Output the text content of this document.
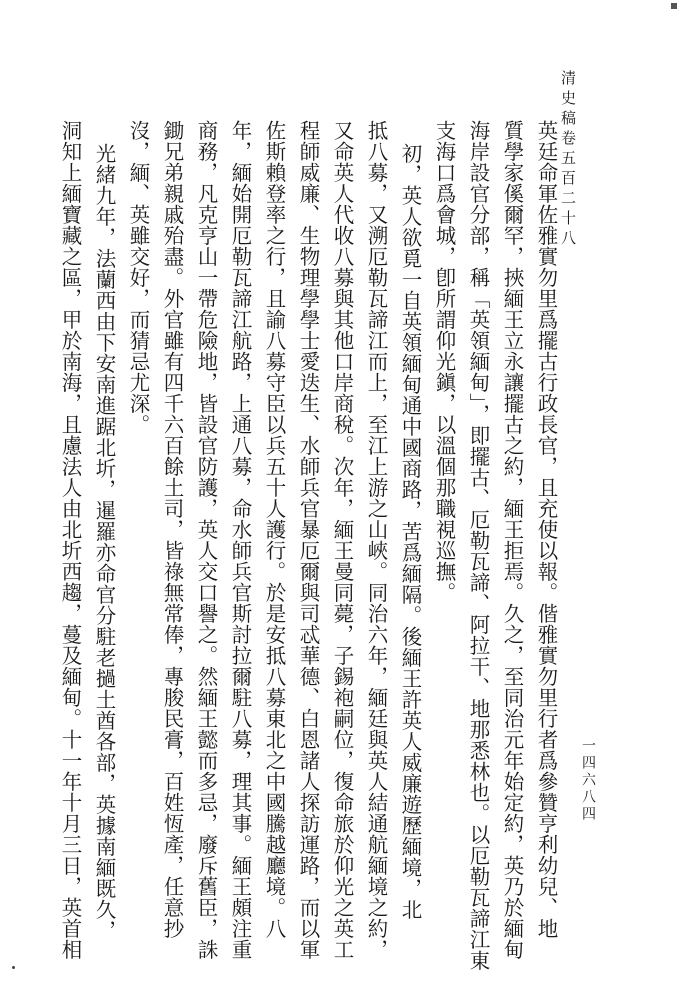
清史稿卷五百二十八
一四六八四
英廷命軍佐雅實勿里爲擺古行政長官，且充使以報。偕雅實勿里行者爲參贊亨利幼兒、地
質學家傒爾罕，挾緬王立永讓擺古之約，緬王拒焉。久之，至同治元年始定約，英乃於緬甸
海岸設官分部，稱「英領緬甸」，即擺古、厄勒瓦諦、阿拉干、地那悉林也。以厄勒瓦諦江東
支海口爲會城，卽所謂仰光鎭，以溫個那職視巡撫。
初，英人欲覓一自英領緬甸通中國商路，苦爲緬隔。後緬王許英人威廉遊歷緬境，北
抵八募，又溯厄勒瓦諦江而上，至江上游之山峽。同治六年，緬廷與英人結通航緬境之約，
又命英人代收八募與其他口岸商稅。次年，緬王曼同薨，子錫袍嗣位，復命旅於仰光之英工
程師威廉、生物理學學士愛迭生、水師兵官暴厄爾與司忒華德、白恩諸人探訪運路，而以軍
佐斯賴登率之行，且諭八募守臣以兵五十人護行。於是安抵八募東北之中國騰越廳境。八
年，緬始開厄勒瓦諦江航路，上通八募，命水師兵官斯討拉爾駐八募，理其事。緬王頗注重
商務，凡克亨山一帶危險地，皆設官防護，英人交口譽之。然緬王懿而多忌，廢斥舊臣，誅
鋤兄弟親戚殆盡。外官雖有四千六百餘土司，皆祿無常俸，專朘民膏，百姓恆產，任意抄
沒，緬、英雖交好，而猜忌尤深。
光緒九年，法蘭西由下安南進踞北圻，暹羅亦命官分駐老撾土酋各部，英據南緬既久，
洞知上緬寶藏之區，甲於南海，且慮法人由北圻西趨，蔓及緬甸。十一年十月三日，英首相
